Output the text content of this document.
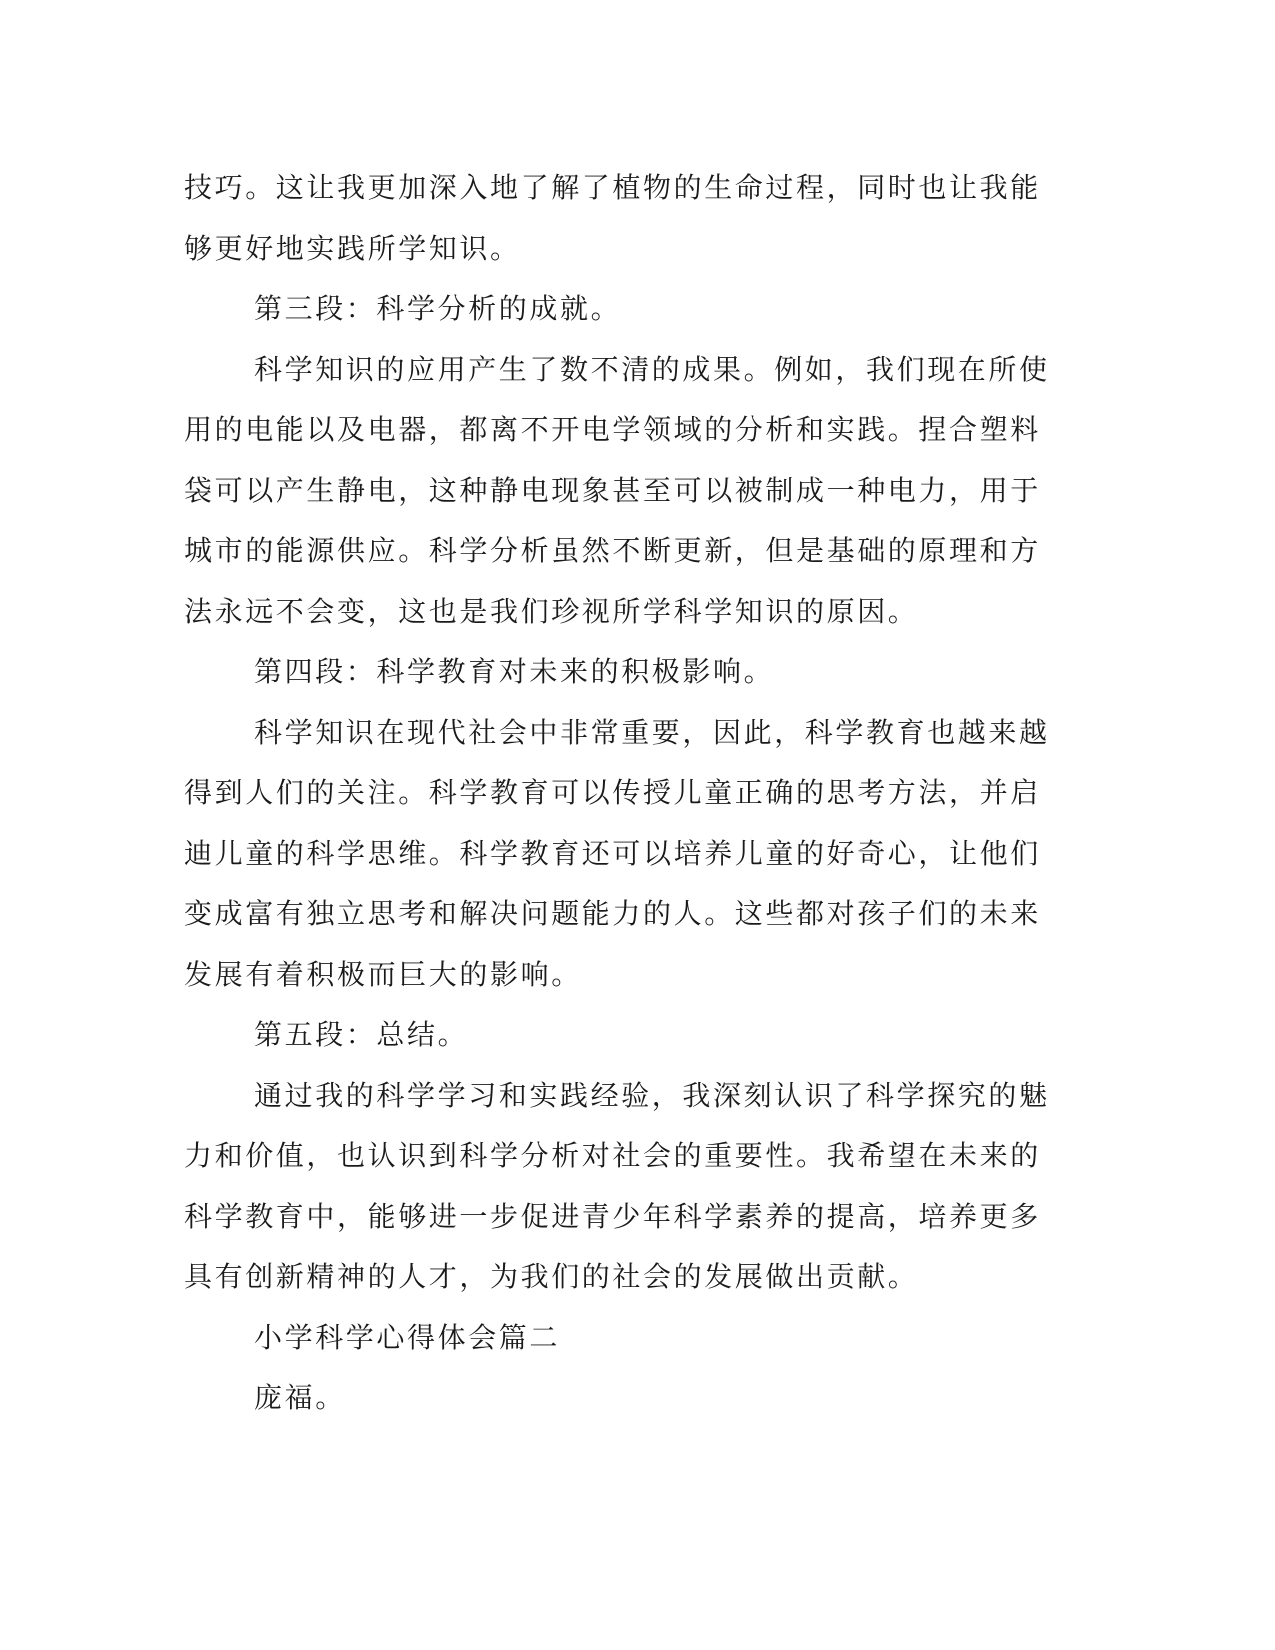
技巧。这让我更加深入地了解了植物的生命过程，同时也让我能够更好地实践所学知识。

第三段：科学分析的成就。

科学知识的应用产生了数不清的成果。例如，我们现在所使用的电能以及电器，都离不开电学领域的分析和实践。捏合塑料袋可以产生静电，这种静电现象甚至可以被制成一种电力，用于城市的能源供应。科学分析虽然不断更新，但是基础的原理和方法永远不会变，这也是我们珍视所学科学知识的原因。

第四段：科学教育对未来的积极影响。

科学知识在现代社会中非常重要，因此，科学教育也越来越得到人们的关注。科学教育可以传授儿童正确的思考方法，并启迪儿童的科学思维。科学教育还可以培养儿童的好奇心，让他们变成富有独立思考和解决问题能力的人。这些都对孩子们的未来发展有着积极而巨大的影响。

第五段：总结。

通过我的科学学习和实践经验，我深刻认识了科学探究的魅力和价值，也认识到科学分析对社会的重要性。我希望在未来的科学教育中，能够进一步促进青少年科学素养的提高，培养更多具有创新精神的人才，为我们的社会的发展做出贡献。

小学科学心得体会篇二

庞福。
